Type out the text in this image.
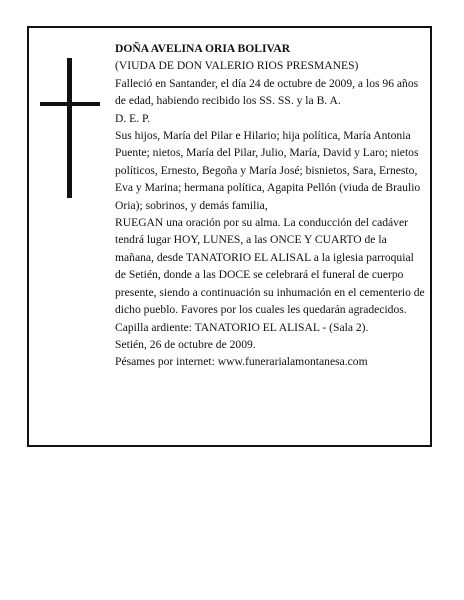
DOÑA AVELINA ORIA BOLIVAR

(VIUDA DE DON VALERIO RIOS PRESMANES)

Falleció en Santander, el día 24 de octubre de 2009, a los 96 años de edad, habiendo recibido los SS. SS. y la B. A.

D. E. P.

Sus hijos, María del Pilar e Hilario; hija política, María Antonia Puente; nietos, María del Pilar, Julio, María, David y Laro; nietos políticos, Ernesto, Begoña y María José; bisnietos, Sara, Ernesto, Eva y Marina; hermana política, Agapita Pellón (viuda de Braulio Oria); sobrinos, y demás familia,

RUEGAN una oración por su alma. La conducción del cadáver tendrá lugar HOY, LUNES, a las ONCE Y CUARTO de la mañana, desde TANATORIO EL ALISAL a la iglesia parroquial de Setién, donde a las DOCE se celebrará el funeral de cuerpo presente, siendo a continuación su inhumación en el cementerio de dicho pueblo. Favores por los cuales les quedarán agradecidos. Capilla ardiente: TANATORIO EL ALISAL - (Sala 2).

Setién, 26 de octubre de 2009.

Pésames por internet: www.funerarialamontanesa.com
